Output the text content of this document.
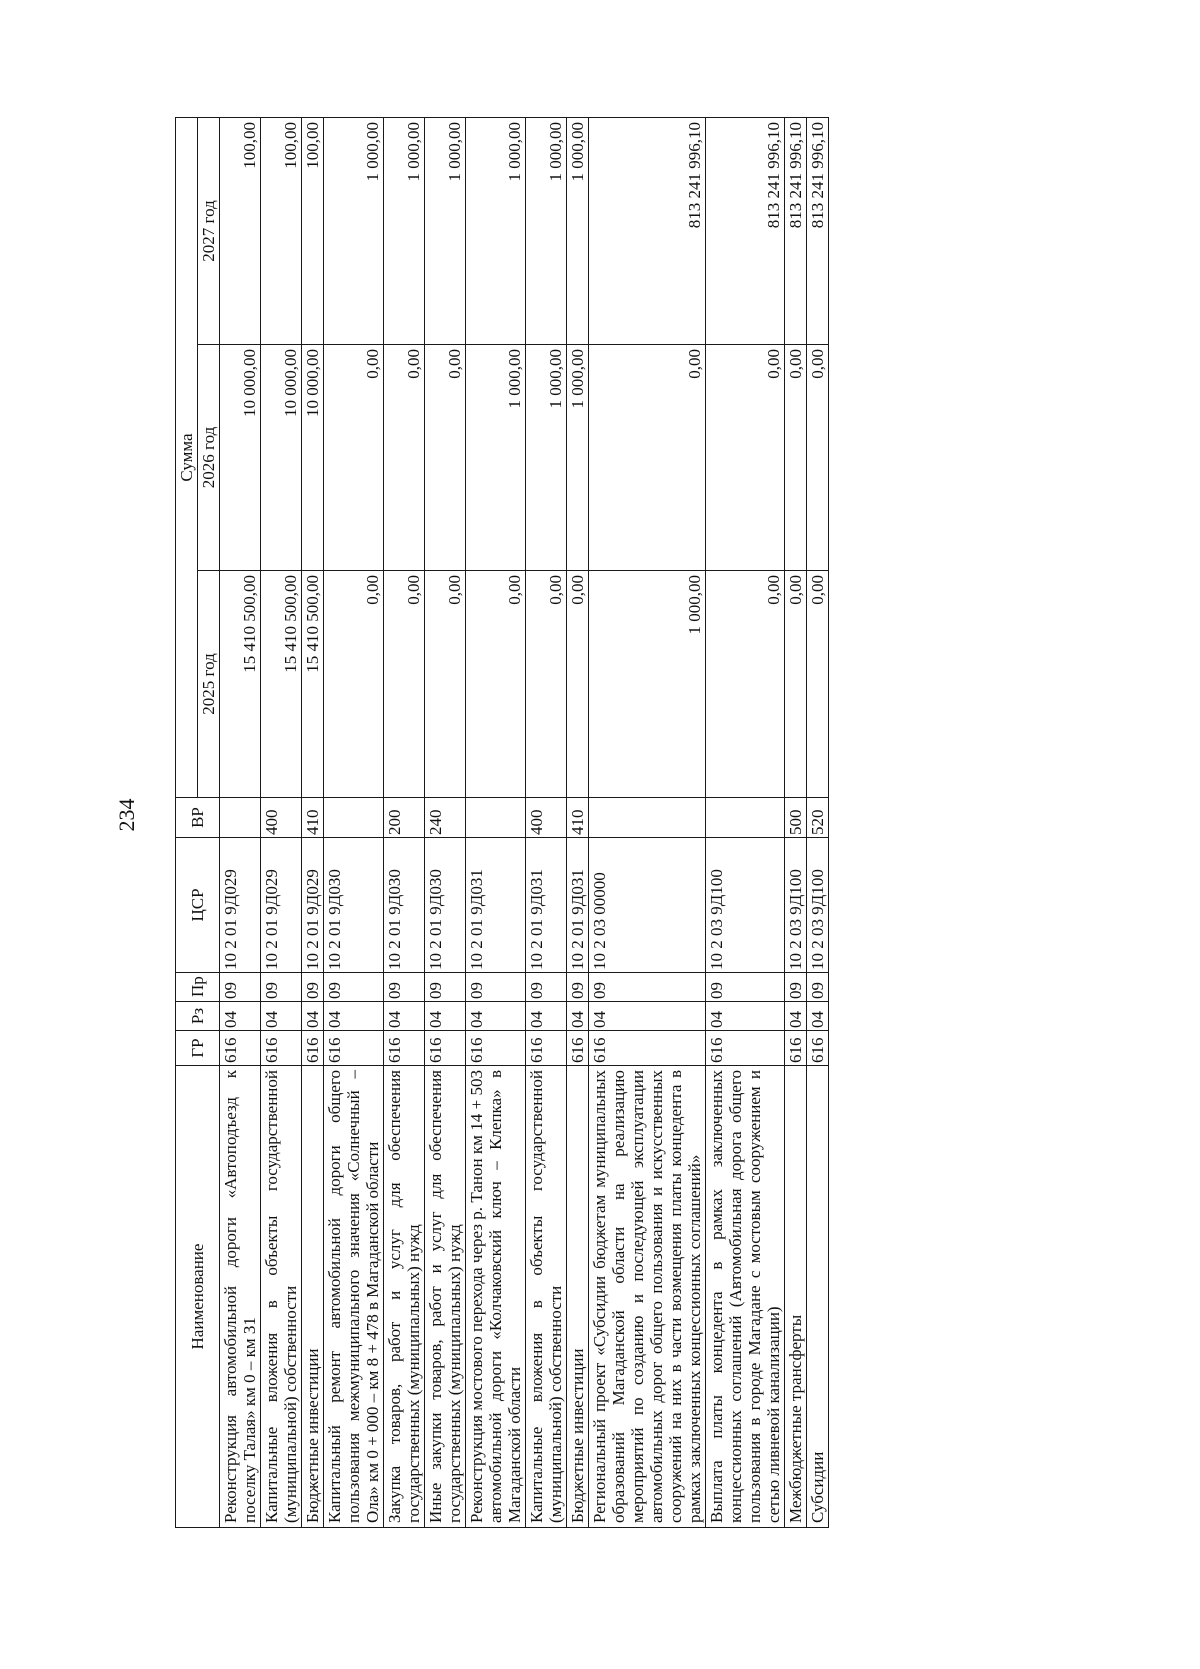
234
Наименование	ГР	Рз	Пр	ЦСР	ВР	Сумма		
						2025 год	2026 год	2027 год
Реконструкция автомобильной дороги «Автоподъезд к поселку Талая» км 0 – км 31	616	04	09	10 2 01 9Д029		15 410 500,00	10 000,00	100,00
Капитальные вложения в объекты государственной (муниципальной) собственности	616	04	09	10 2 01 9Д029	400	15 410 500,00	10 000,00	100,00
Бюджетные инвестиции	616	04	09	10 2 01 9Д029	410	15 410 500,00	10 000,00	100,00
Капитальный ремонт автомобильной дороги общего пользования межмуниципального значения «Солнечный – Ола» км 0 + 000 – км 8 + 478 в Магаданской области	616	04	09	10 2 01 9Д030		0,00	0,00	1 000,00
Закупка товаров, работ и услуг для обеспечения государственных (муниципальных) нужд	616	04	09	10 2 01 9Д030	200	0,00	0,00	1 000,00
Иные закупки товаров, работ и услуг для обеспечения государственных (муниципальных) нужд	616	04	09	10 2 01 9Д030	240	0,00	0,00	1 000,00
Реконструкция мостового перехода через р. Танон км 14 + 503 автомобильной дороги «Колчаковский ключ – Клепка» в Магаданской области	616	04	09	10 2 01 9Д031		0,00	1 000,00	1 000,00
Капитальные вложения в объекты государственной (муниципальной) собственности	616	04	09	10 2 01 9Д031	400	0,00	1 000,00	1 000,00
Бюджетные инвестиции	616	04	09	10 2 01 9Д031	410	0,00	1 000,00	1 000,00
Региональный проект «Субсидии бюджетам муниципальных образований Магаданской области на реализацию мероприятий по созданию и последующей эксплуатации автомобильных дорог общего пользования и искусственных сооружений на них в части возмещения платы концедента в рамках заключенных концессионных соглашений»	616	04	09	10 2 03 00000		1 000,00	0,00	813 241 996,10
Выплата платы концедента в рамках заключенных концессионных соглашений (Автомобильная дорога общего пользования в городе Магадане с мостовым сооружением и сетью ливневой канализации)	616	04	09	10 2 03 9Д100		0,00	0,00	813 241 996,10
Межбюджетные трансферты	616	04	09	10 2 03 9Д100	500	0,00	0,00	813 241 996,10
Субсидии	616	04	09	10 2 03 9Д100	520	0,00	0,00	813 241 996,10
